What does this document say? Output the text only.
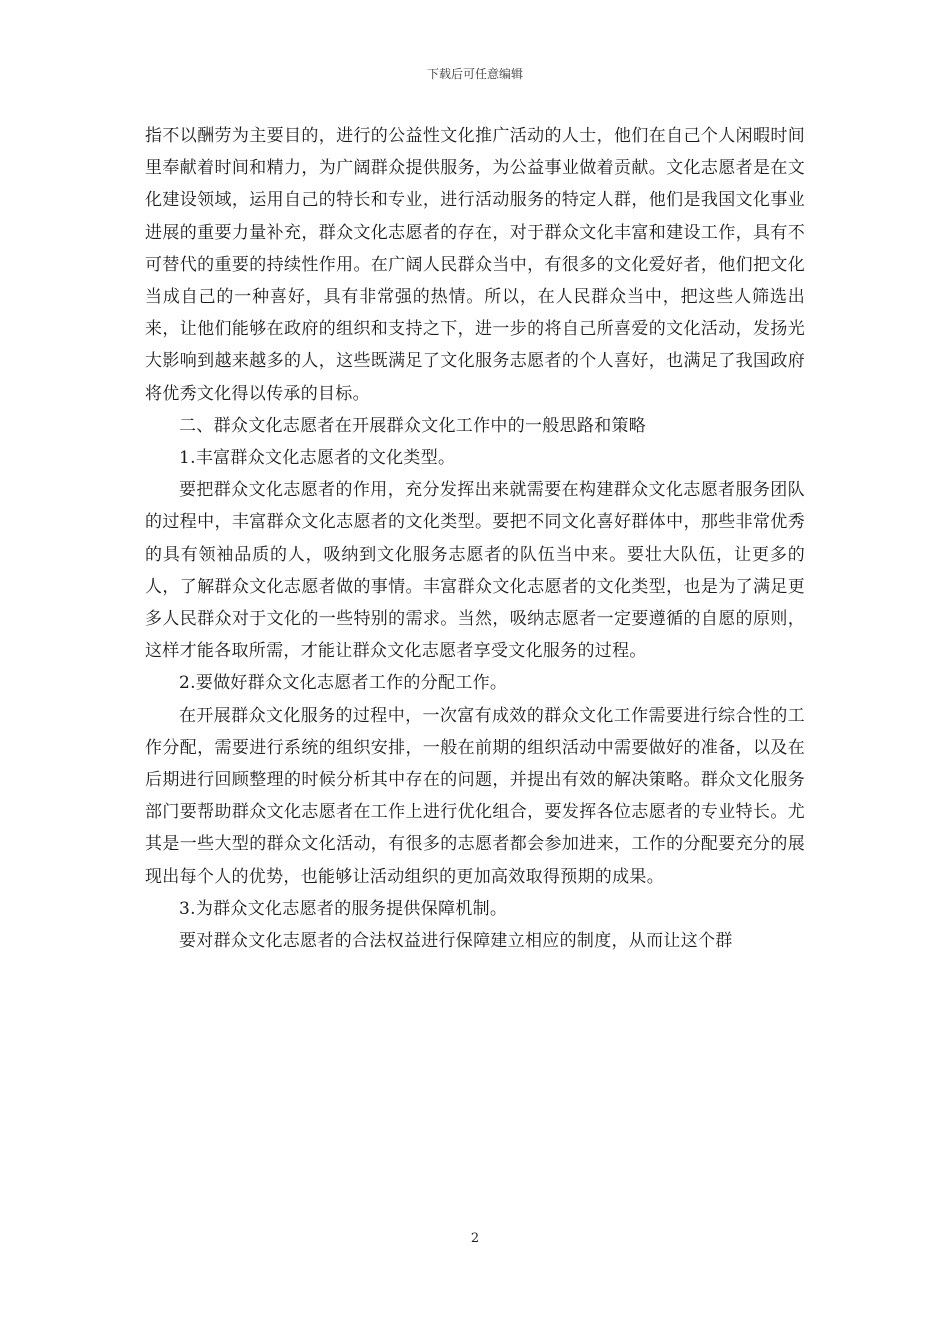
下载后可任意编辑

指不以酬劳为主要目的，进行的公益性文化推广活动的人士，他们在自己个人闲暇时间里奉献着时间和精力，为广阔群众提供服务，为公益事业做着贡献。文化志愿者是在文化建设领域，运用自己的特长和专业，进行活动服务的特定人群，他们是我国文化事业进展的重要力量补充，群众文化志愿者的存在，对于群众文化丰富和建设工作，具有不可替代的重要的持续性作用。在广阔人民群众当中，有很多的文化爱好者，他们把文化当成自己的一种喜好，具有非常强的热情。所以，在人民群众当中，把这些人筛选出来，让他们能够在政府的组织和支持之下，进一步的将自己所喜爱的文化活动，发扬光大影响到越来越多的人，这些既满足了文化服务志愿者的个人喜好，也满足了我国政府将优秀文化得以传承的目标。

二、群众文化志愿者在开展群众文化工作中的一般思路和策略

1.丰富群众文化志愿者的文化类型。

要把群众文化志愿者的作用，充分发挥出来就需要在构建群众文化志愿者服务团队的过程中，丰富群众文化志愿者的文化类型。要把不同文化喜好群体中，那些非常优秀的具有领袖品质的人，吸纳到文化服务志愿者的队伍当中来。要壮大队伍，让更多的人，了解群众文化志愿者做的事情。丰富群众文化志愿者的文化类型，也是为了满足更多人民群众对于文化的一些特别的需求。当然，吸纳志愿者一定要遵循的自愿的原则，这样才能各取所需，才能让群众文化志愿者享受文化服务的过程。

2.要做好群众文化志愿者工作的分配工作。

在开展群众文化服务的过程中，一次富有成效的群众文化工作需要进行综合性的工作分配，需要进行系统的组织安排，一般在前期的组织活动中需要做好的准备，以及在后期进行回顾整理的时候分析其中存在的问题，并提出有效的解决策略。群众文化服务部门要帮助群众文化志愿者在工作上进行优化组合，要发挥各位志愿者的专业特长。尤其是一些大型的群众文化活动，有很多的志愿者都会参加进来，工作的分配要充分的展现出每个人的优势，也能够让活动组织的更加高效取得预期的成果。

3.为群众文化志愿者的服务提供保障机制。

要对群众文化志愿者的合法权益进行保障建立相应的制度，从而让这个群

2
